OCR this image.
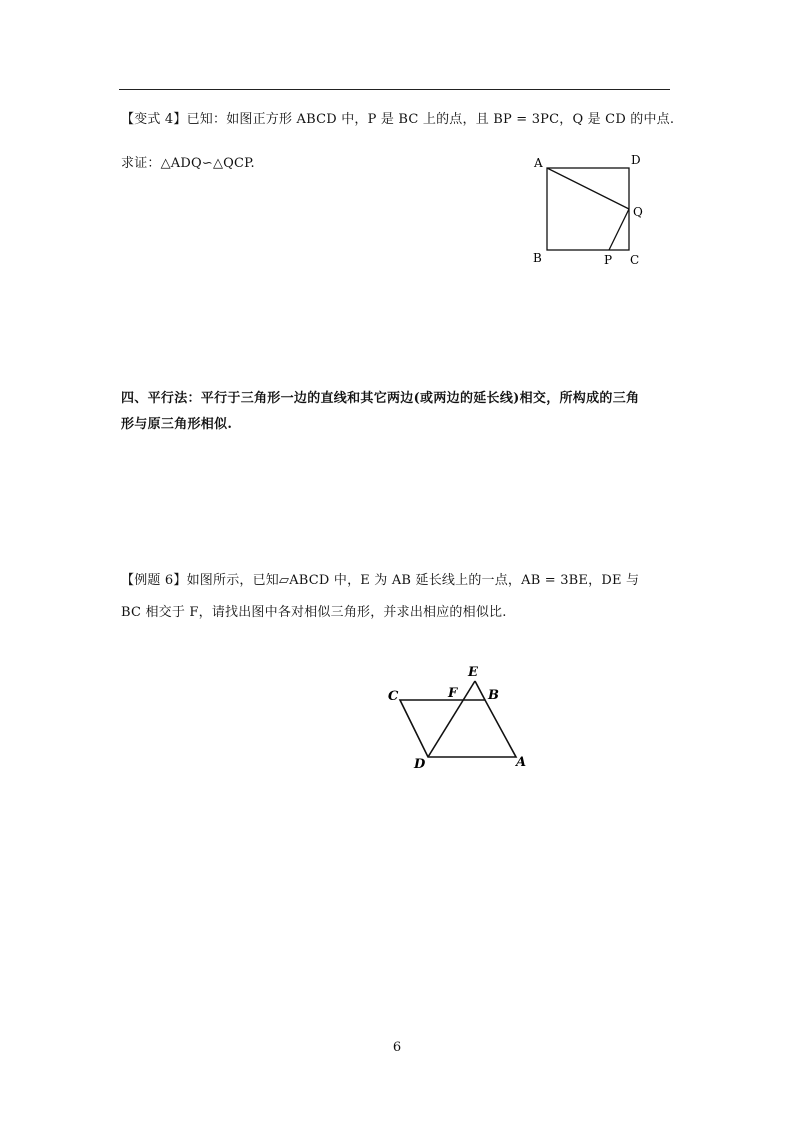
【变式 4】已知：如图正方形 ABCD 中，P 是 BC 上的点，且 BP = 3PC，Q 是 CD 的中点.
求证：△ADQ∽△QCP.	A	D
Q
B	P C
四、平行法：平行于三角形一边的直线和其它两边(或两边的延长线)相交，所构成的三角
形与原三角形相似.
【例题 6】如图所示，已知▱ABCD 中，E 为 AB 延长线上的一点，AB = 3BE，DE 与
BC 相交于 F，请找出图中各对相似三角形，并求出相应的相似比.
E
C	F B
D	A
6
